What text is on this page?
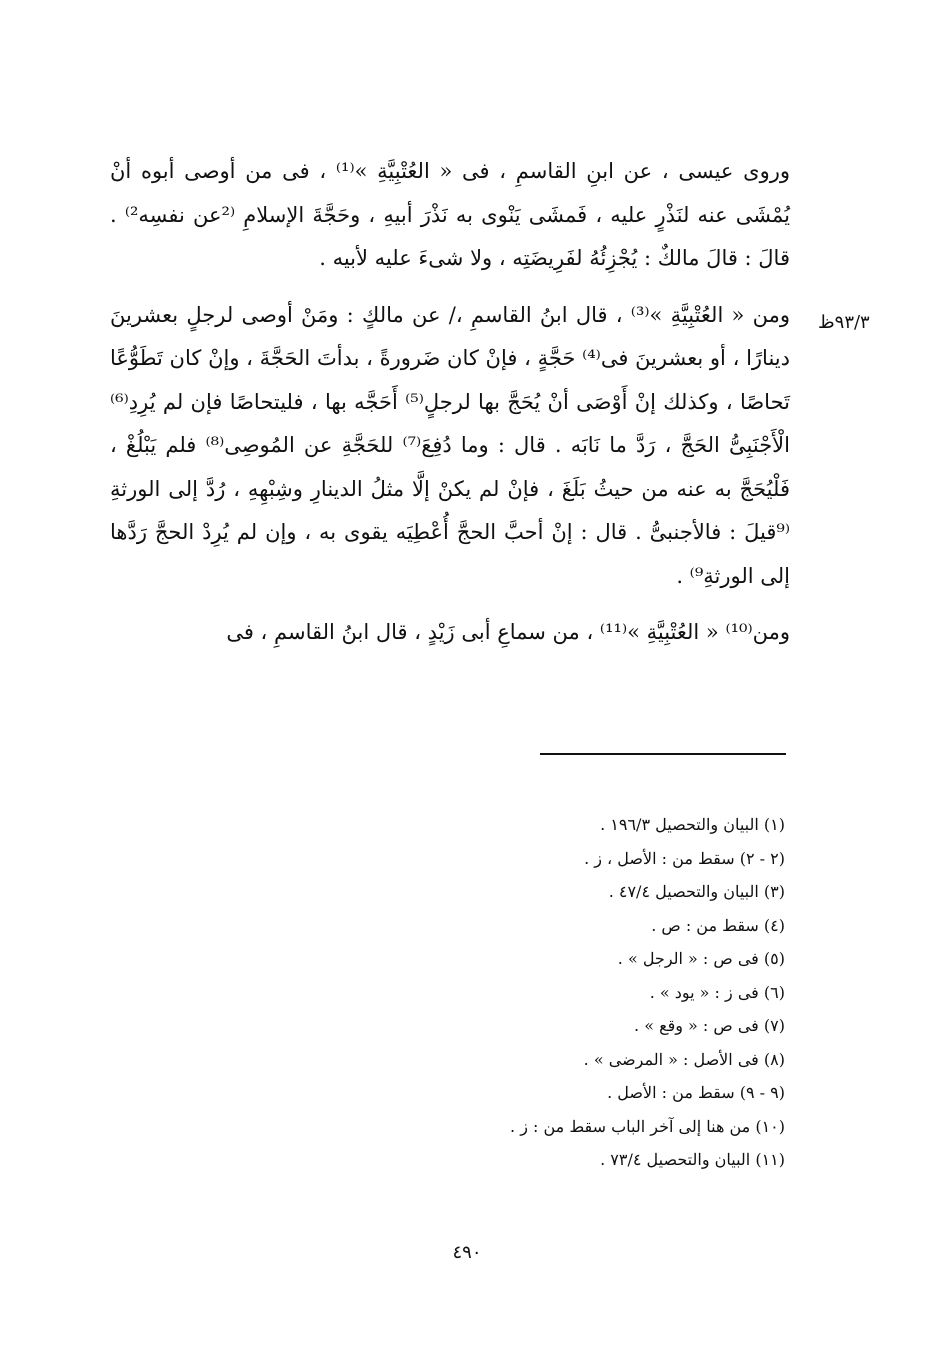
٩٣/٣ظ

وروى عيسى ، عن ابنِ القاسمِ ، فى « العُتْبِيَّةِ »⁽¹⁾ ، فى من أوصى أبوه أنْ يُمْشَى عنه لنَذْرٍ عليه ، فَمشَى يَنْوى به نَذْرَ أبيهِ ، وحَجَّةَ الإسلامِ ⁽²عن نفسِه²⁾ . قالَ : قالَ مالكٌ : يُجْزِئُهُ لفَرِيضَتِه ، ولا شىءَ عليه لأبيه .

ومن « العُتْبِيَّةِ »⁽³⁾ ، قال ابنُ القاسمِ ،/ عن مالكٍ : ومَنْ أوصى لرجلٍ بعشرينَ دينارًا ، أو بعشرينَ فى⁽⁴⁾ حَجَّةٍ ، فإنْ كان ضَرورةً ، بدأتَ الحَجَّةَ ، وإنْ كان تَطَوُّعًا تَحاصًا ، وكذلك إنْ أَوْصَى أنْ يُحَجَّ بها لرجلٍ⁽⁵⁾ أَحَجَّه بها ، فليتحاصًا فإن لم يُرِدِ⁽⁶⁾ الْأَجْنَبِىُّ الحَجَّ ، رَدَّ ما نَابَه . قال : وما دُفِعَ⁽⁷⁾ للحَجَّةِ عن المُوصِى⁽⁸⁾ فلم يَبْلُغْ ، فَلْيُحَجَّ به عنه من حيثُ بَلَغَ ، فإنْ لم يكنْ إلَّا مثلُ الدينارِ وشِبْهِهِ ، رُدَّ إلى الورثةِ ⁽⁹قيلَ : فالأجنبىُّ . قال : إنْ أحبَّ الحجَّ أُعْطِيَه يقوى به ، وإن لم يُرِدْ الحجَّ رَدَّها إلى الورثةِ⁹⁾ .

ومن⁽¹⁰⁾ « العُتْبِيَّةِ »⁽¹¹⁾ ، من سماعِ أبى زَيْدٍ ، قال ابنُ القاسمِ ، فى

(١) البيان والتحصيل ١٩٦/٣ .
(٢ - ٢) سقط من : الأصل ، ز .
(٣) البيان والتحصيل ٤٧/٤ .
(٤) سقط من : ص .
(٥) فى ص : « الرجل » .
(٦) فى ز : « يود » .
(٧) فى ص : « وقع » .
(٨) فى الأصل : « المرضى » .
(٩ - ٩) سقط من : الأصل .
(١٠) من هنا إلى آخر الباب سقط من : ز .
(١١) البيان والتحصيل ٧٣/٤ .
٤٩٠
